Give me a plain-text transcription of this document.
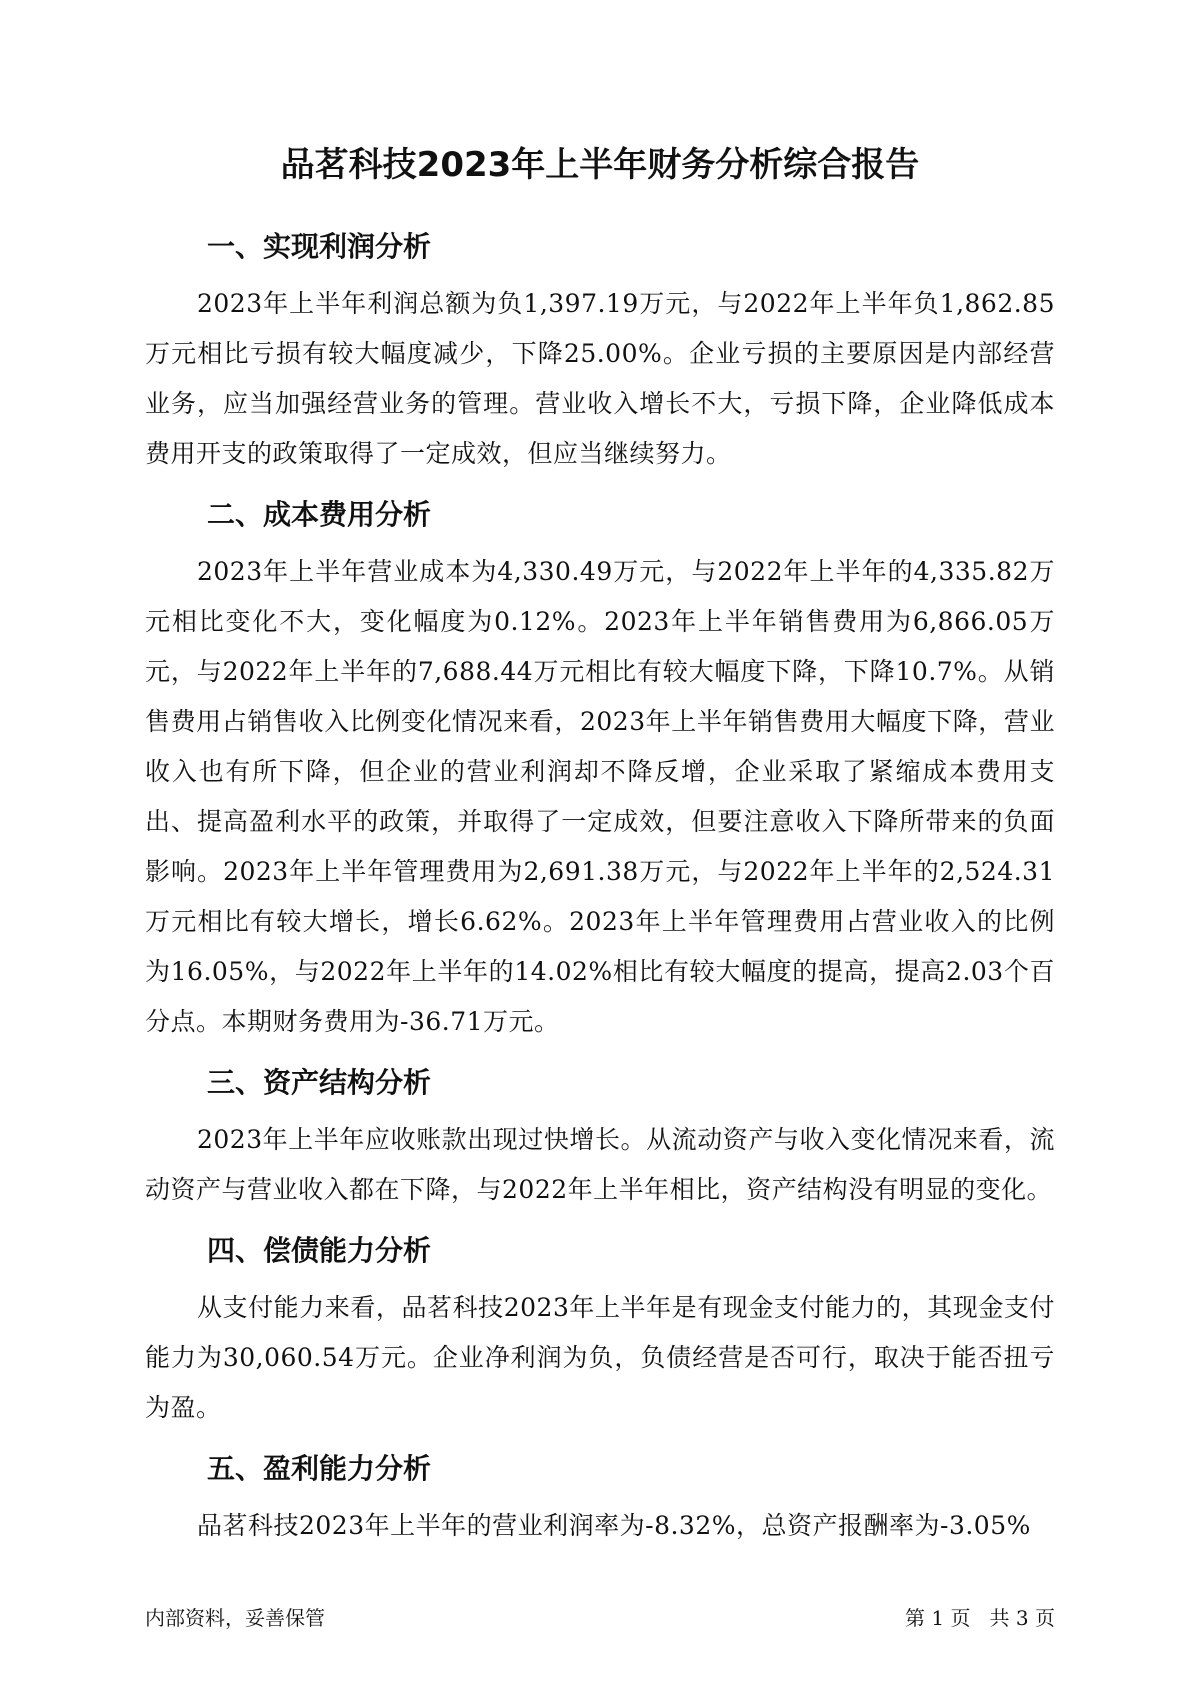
品茗科技2023年上半年财务分析综合报告
一、实现利润分析

2023年上半年利润总额为负1,397.19万元，与2022年上半年负1,862.85万元相比亏损有较大幅度减少，下降25.00%。企业亏损的主要原因是内部经营业务，应当加强经营业务的管理。营业收入增长不大，亏损下降，企业降低成本费用开支的政策取得了一定成效，但应当继续努力。

二、成本费用分析

2023年上半年营业成本为4,330.49万元，与2022年上半年的4,335.82万元相比变化不大，变化幅度为0.12%。2023年上半年销售费用为6,866.05万元，与2022年上半年的7,688.44万元相比有较大幅度下降，下降10.7%。从销售费用占销售收入比例变化情况来看，2023年上半年销售费用大幅度下降，营业收入也有所下降，但企业的营业利润却不降反增，企业采取了紧缩成本费用支出、提高盈利水平的政策，并取得了一定成效，但要注意收入下降所带来的负面影响。2023年上半年管理费用为2,691.38万元，与2022年上半年的2,524.31万元相比有较大增长，增长6.62%。2023年上半年管理费用占营业收入的比例为16.05%，与2022年上半年的14.02%相比有较大幅度的提高，提高2.03个百分点。本期财务费用为-36.71万元。

三、资产结构分析

2023年上半年应收账款出现过快增长。从流动资产与收入变化情况来看，流动资产与营业收入都在下降，与2022年上半年相比，资产结构没有明显的变化。

四、偿债能力分析

从支付能力来看，品茗科技2023年上半年是有现金支付能力的，其现金支付能力为30,060.54万元。企业净利润为负，负债经营是否可行，取决于能否扭亏为盈。

五、盈利能力分析

品茗科技2023年上半年的营业利润率为-8.32%，总资产报酬率为-3.05%

内部资料，妥善保管	第 1 页   共 3 页
